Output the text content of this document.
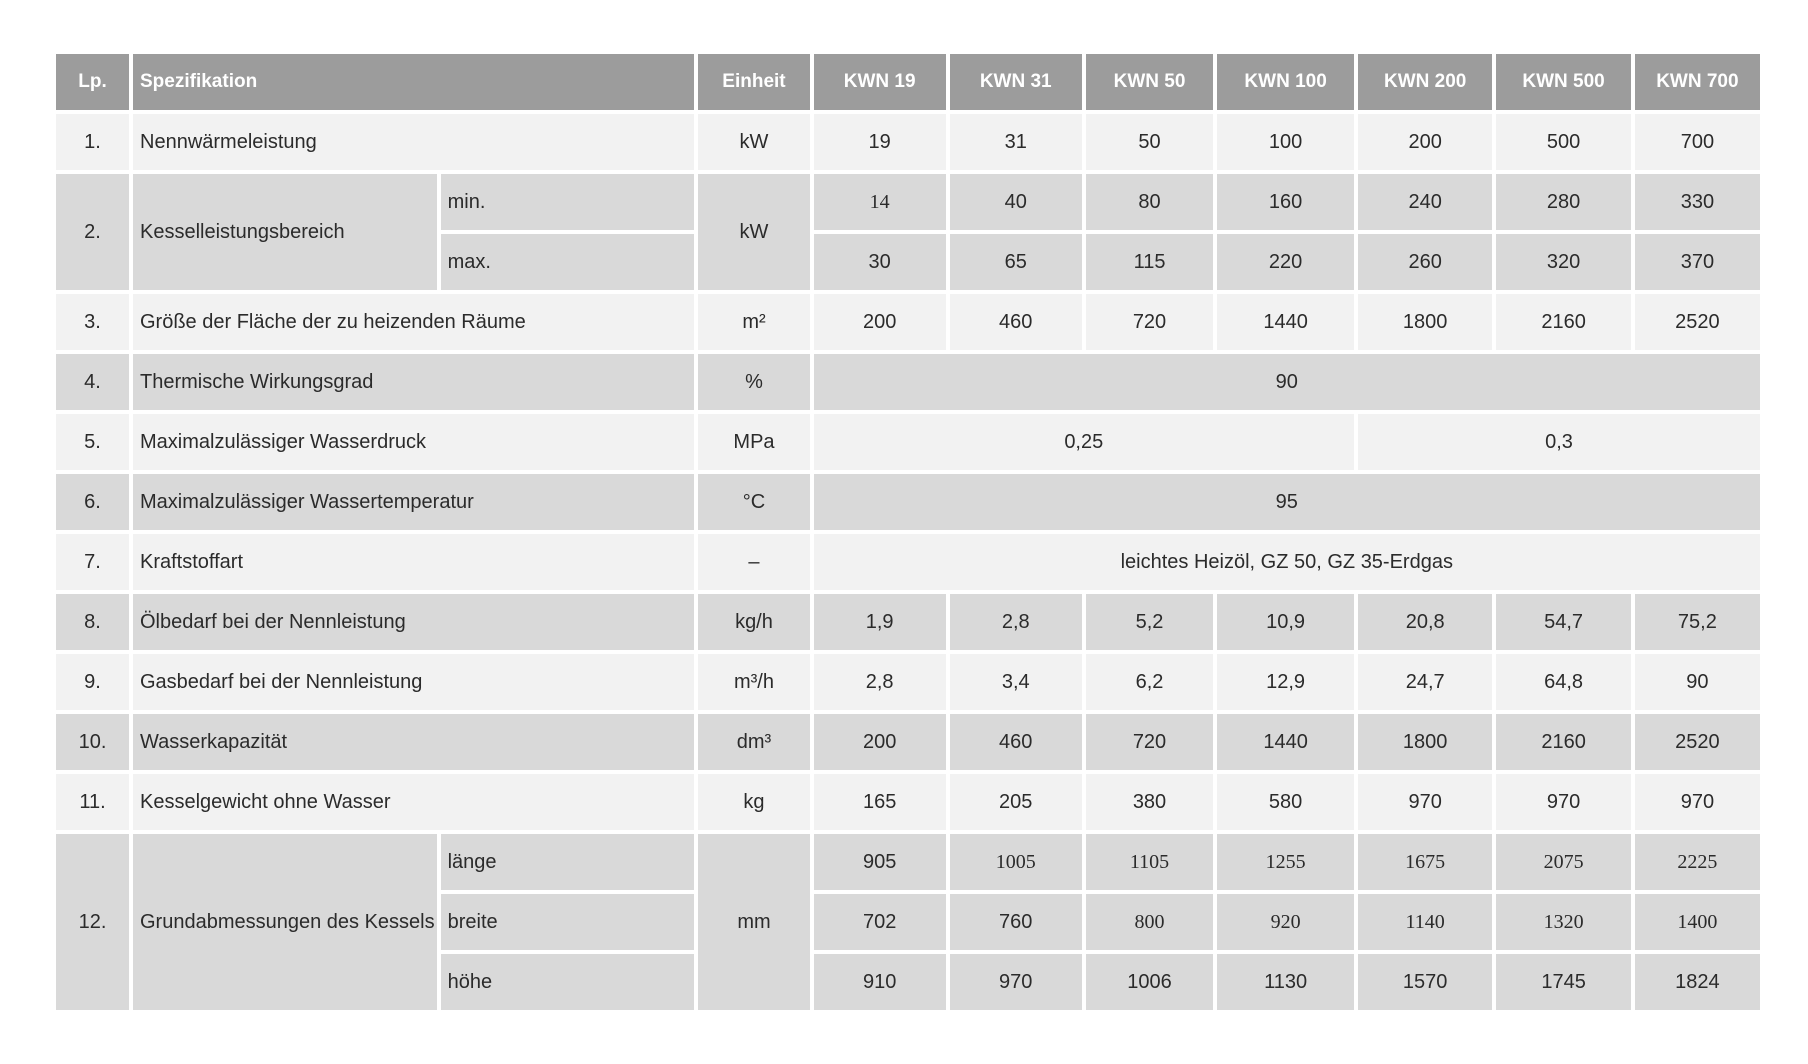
Lp.	Spezifikation		Einheit	KWN 19	KWN 31	KWN 50	KWN 100	KWN 200	KWN 500	KWN 700
1.	Nennwärmeleistung		kW	19	31	50	100	200	500	700
2.	Kesselleistungsbereich	min.	kW	14	40	80	160	240	280	330
		max.		30	65	115	220	260	320	370
3.	Größe der Fläche der zu heizenden Räume		m²	200	460	720	1440	1800	2160	2520
4.	Thermische Wirkungsgrad		%	90						
5.	Maximalzulässiger Wasserdruck		MPa	0,25				0,3		
6.	Maximalzulässiger Wassertemperatur		°C	95						
7.	Kraftstoffart		–	leichtes Heizöl, GZ 50, GZ 35-Erdgas						
8.	Ölbedarf bei der Nennleistung		kg/h	1,9	2,8	5,2	10,9	20,8	54,7	75,2
9.	Gasbedarf bei der Nennleistung		m³/h	2,8	3,4	6,2	12,9	24,7	64,8	90
10.	Wasserkapazität		dm³	200	460	720	1440	1800	2160	2520
11.	Kesselgewicht ohne Wasser		kg	165	205	380	580	970	970	970
12.	Grundabmessungen des Kessels	länge	mm	905	1005	1105	1255	1675	2075	2225
		breite		702	760	800	920	1140	1320	1400
		höhe		910	970	1006	1130	1570	1745	1824
